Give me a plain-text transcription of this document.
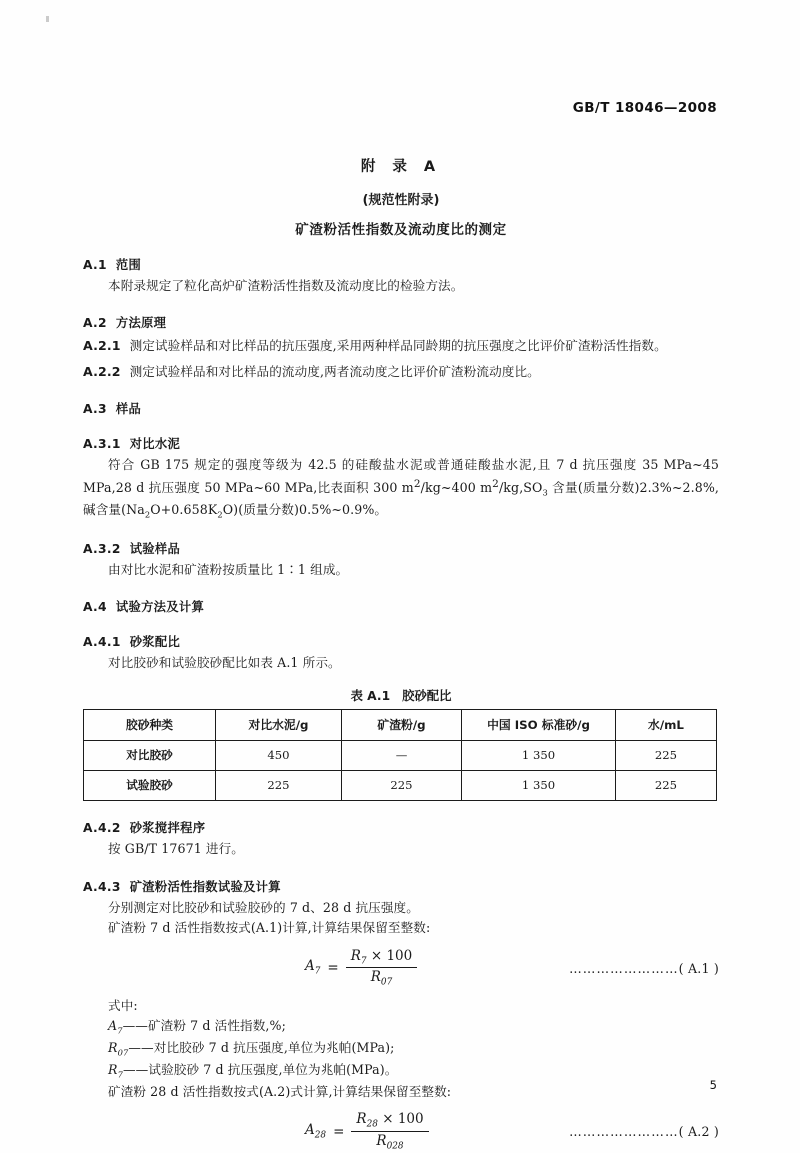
GB/T 18046—2008
附 录 A
(规范性附录)
矿渣粉活性指数及流动度比的测定
A.1 范围
本附录规定了粒化高炉矿渣粉活性指数及流动度比的检验方法。
A.2 方法原理
A.2.1 测定试验样品和对比样品的抗压强度,采用两种样品同龄期的抗压强度之比评价矿渣粉活性指数。
A.2.2 测定试验样品和对比样品的流动度,两者流动度之比评价矿渣粉流动度比。
A.3 样品
A.3.1 对比水泥
符合 GB 175 规定的强度等级为 42.5 的硅酸盐水泥或普通硅酸盐水泥,且 7 d 抗压强度 35 MPa~45 MPa,28 d 抗压强度 50 MPa~60 MPa,比表面积 300 $m^2/kg\sim 400$ $m^2/kg,SO_3$ 含量(质量分数)2.3%~2.8%,碱含量$(Na_2O+0.658K_2O)$(质量分数)0.5%~0.9%。
A.3.2 试验样品
由对比水泥和矿渣粉按质量比 1∶1 组成。
A.4 试验方法及计算
A.4.1 砂浆配比
对比胶砂和试验胶砂配比如表 A.1 所示。
表 A.1 胶砂配比
胶砂种类	对比水泥/g	矿渣粉/g	中国 ISO 标准砂/g	水/mL
对比胶砂	450	—	1 350	225
试验胶砂	225	225	1 350	225
A.4.2 砂浆搅拌程序
按 GB/T 17671 进行。
A.4.3 矿渣粉活性指数试验及计算
分别测定对比胶砂和试验胶砂的 7 d、28 d 抗压强度。
矿渣粉 7 d 活性指数按式(A.1)计算,计算结果保留至整数:
$A_7 = \frac{R_7 \times 100}{R_{07}}$	……………………( A.1 )
式中:
$A_7——$矿渣粉 7 d 活性指数,%;
$R_{07}——$对比胶砂 7 d 抗压强度,单位为兆帕(MPa);
$R_7——$试验胶砂 7 d 抗压强度,单位为兆帕(MPa)。
矿渣粉 28 d 活性指数按式(A.2)式计算,计算结果保留至整数:
$A_{28} = \frac{R_{28} \times 100}{R_{028}}$	……………………( A.2 )
5
